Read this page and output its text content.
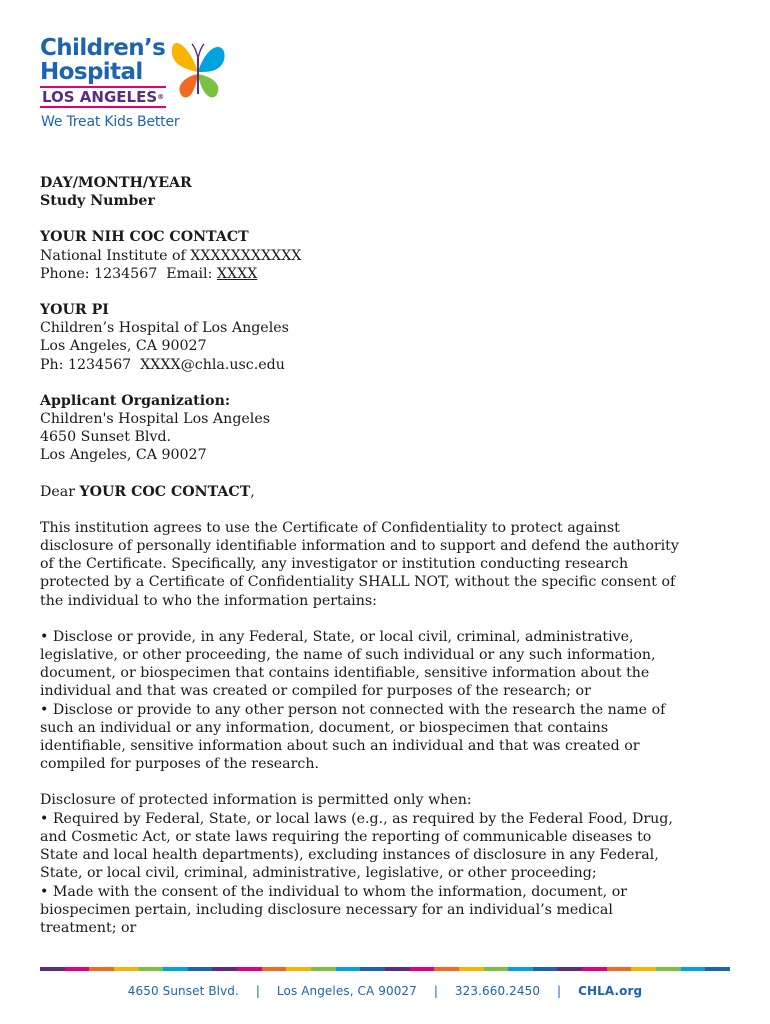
Children’s
Hospital
LOS ANGELES®
We Treat Kids Better
DAY/MONTH/YEAR
Study Number
YOUR NIH COC CONTACT
National Institute of XXXXXXXXXXX
Phone: 1234567  Email: XXXX
YOUR PI
Children’s Hospital of Los Angeles
Los Angeles, CA 90027
Ph: 1234567  XXXX@chla.usc.edu
Applicant Organization:
Children's Hospital Los Angeles
4650 Sunset Blvd.
Los Angeles, CA 90027
Dear YOUR COC CONTACT,
This institution agrees to use the Certificate of Confidentiality to protect against
disclosure of personally identifiable information and to support and defend the authority
of the Certificate. Specifically, any investigator or institution conducting research
protected by a Certificate of Confidentiality SHALL NOT, without the specific consent of
the individual to who the information pertains:
• Disclose or provide, in any Federal, State, or local civil, criminal, administrative,
legislative, or other proceeding, the name of such individual or any such information,
document, or biospecimen that contains identifiable, sensitive information about the
individual and that was created or compiled for purposes of the research; or
• Disclose or provide to any other person not connected with the research the name of
such an individual or any information, document, or biospecimen that contains
identifiable, sensitive information about such an individual and that was created or
compiled for purposes of the research.
Disclosure of protected information is permitted only when:
• Required by Federal, State, or local laws (e.g., as required by the Federal Food, Drug,
and Cosmetic Act, or state laws requiring the reporting of communicable diseases to
State and local health departments), excluding instances of disclosure in any Federal,
State, or local civil, criminal, administrative, legislative, or other proceeding;
• Made with the consent of the individual to whom the information, document, or
biospecimen pertain, including disclosure necessary for an individual’s medical
treatment; or
4650 Sunset Blvd. | Los Angeles, CA 90027 | 323.660.2450 | CHLA.org
